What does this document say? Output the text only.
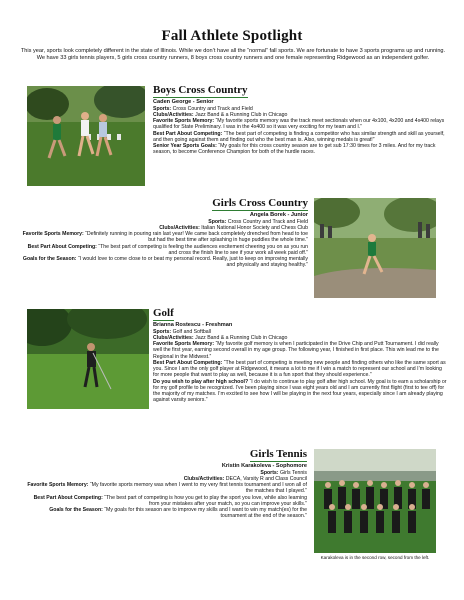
Fall Athlete Spotlight
This year, sports look completely different in the state of Illinois. While we don’t have all the “normal” fall sports. We are fortunate to have 3 sports programs up and running. We have 33 girls tennis players, 5 girls cross country runners, 8 boys cross country runners and one female representing Ridgewood as an independent golfer.
Boys Cross Country
Caden George - Senior

Sports: Cross Country and Track and Field

Clubs/Activities: Jazz Band & a Running Club in Chicago

Favorite Sports Memory: “My favorite sports memory was the track meet sectionals when our 4x100, 4x200 and 4x400 relays qualified for State Preliminary. I was in the 4x400 so it was very exciting for my team and I.”

Best Part About Competing: “The best part of competing is finding a competitor who has similar strength and skill as yourself, and then going against them and finding out who the best man is. Also, winning medals is great!”

Senior Year Sports Goals: “My goals for this cross country season are to get sub 17:30 times for 3 miles. And for my track season, to become Conference Champion for both of the hurdle races.

Girls Cross Country
Angela Borek - Junior

Sports: Cross Country and Track and Field

Clubs/Activities: Italian National Honor Society and Chess Club

Favorite Sports Memory: “Definitely running in pouring rain last year! We came back completely drenched from head to toe but had the best time after splashing in huge puddles the whole time.”

Best Part About Competing: “The best part of competing is feeling the audiences excitement cheering you on as you run and cross the finish line to see if your work all week paid off.”

Goals for the Season: “I would love to come close to or beat my personal record. Really, just to keep on improving mentally and physically and staying healthy.”

Golf
Brianna Rostescu - Freshman

Sports: Golf and Softball

Clubs/Activities: Jazz Band & a Running Club in Chicago

Favorite Sports Memory: “My favorite golf memory is when I participated in the Drive Chip and Putt Tournament. I did really well the first year, earning second overall in my age group. The following year, I finished in first place. This win lead me to the Regional in the Midwest.”

Best Part About Competing: “The best part of competing is meeting new people and finding others who like the same sport as you. Since I am the only golf player at Ridgewood, it means a lot to me if I win a match to represent our school and I’m looking for more people that want to play as well, because it is a fun sport that they should experience.”

Do you wish to play after high school? “I do wish to continue to play golf after high school. My goal is to earn a scholarship or for my golf profile to be recognized. I’ve been playing since I was eight years old and I am currently first flight (first to tee off) for the majority of my matches. I’m excited to see how I will be playing in the next four years, especially since I am already playing against varsity seniors.”

Girls Tennis
Kristin Karakoleva - Sophomore

Sports: Girls Tennis

Clubs/Activities: DECA, Varsity R and Class Council

Favorite Sports Memory: “My favorite sports memory was when I went to my very first tennis tournament and I won all of the matches that I played.”

Best Part About Competing: “The best part of competing is how you get to play the sport you love, while also learning from your mistakes after your match, so you can improve your skills.”

Goals for the Season: “My goals for this season are to improve my skills and I want to win my match(es) for the tournament at the end of the season.”

Karakoleva is in the second row, second from the left.
